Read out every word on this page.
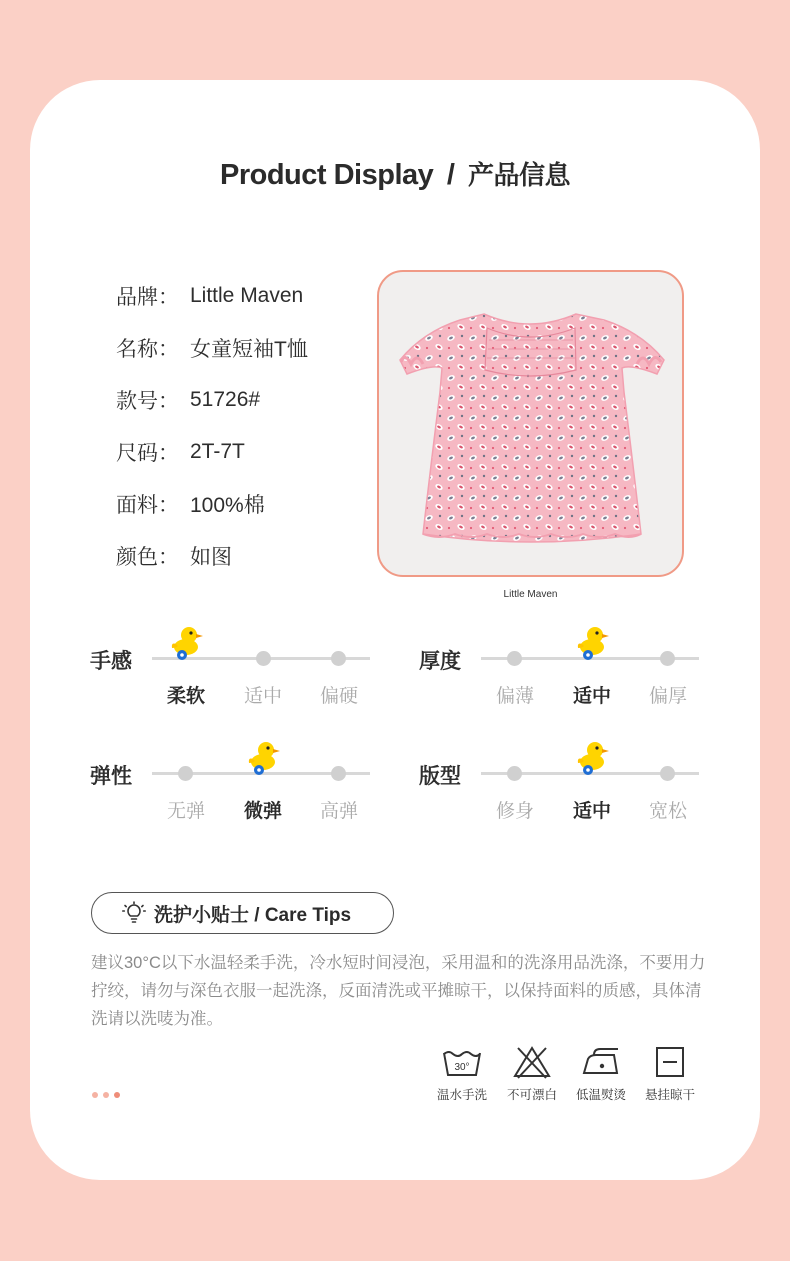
Product Display / 产品信息
品牌： Little Maven
名称： 女童短袖T恤
款号： 51726#
尺码： 2T-7T
面料： 100%棉
颜色： 如图
Little Maven
手感
柔软	适中	偏硬
厚度
偏薄	适中	偏厚
弹性
无弹	微弹	高弹
版型
修身	适中	宽松
洗护小贴士 / Care Tips
建议30°C以下水温轻柔手洗，冷水短时间浸泡，采用温和的洗涤用品洗涤，不要用力拧绞，请勿与深色衣服一起洗涤，反面清洗或平摊晾干，以保持面料的质感，具体清洗请以洗唛为准。
30°
温水手洗	不可漂白	低温熨烫	悬挂晾干
